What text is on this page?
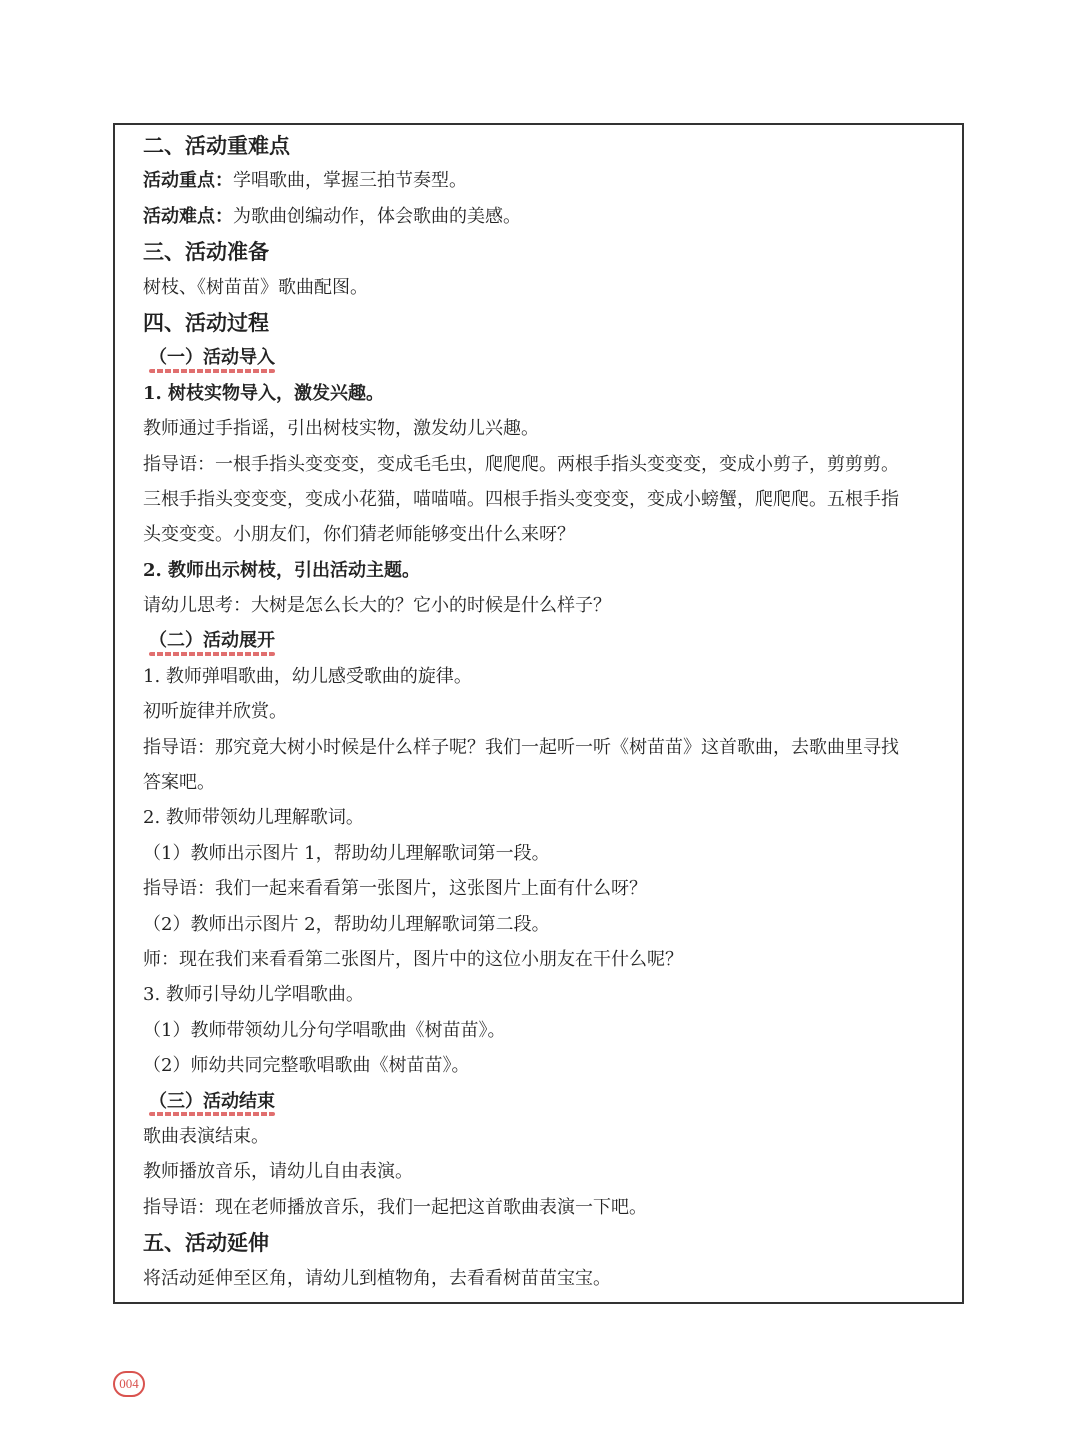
二、活动重难点
活动重点：学唱歌曲，掌握三拍节奏型。
活动难点：为歌曲创编动作，体会歌曲的美感。
三、活动准备
树枝、《树苗苗》歌曲配图。
四、活动过程
（一）活动导入
1. 树枝实物导入，激发兴趣。
教师通过手指谣，引出树枝实物，激发幼儿兴趣。
指导语：一根手指头变变变，变成毛毛虫，爬爬爬。两根手指头变变变，变成小剪子，剪剪剪。
三根手指头变变变，变成小花猫，喵喵喵。四根手指头变变变，变成小螃蟹，爬爬爬。五根手指
头变变变。小朋友们，你们猜老师能够变出什么来呀？
2. 教师出示树枝，引出活动主题。
请幼儿思考：大树是怎么长大的？它小的时候是什么样子？
（二）活动展开
1. 教师弹唱歌曲，幼儿感受歌曲的旋律。
初听旋律并欣赏。
指导语：那究竟大树小时候是什么样子呢？我们一起听一听《树苗苗》这首歌曲，去歌曲里寻找
答案吧。
2. 教师带领幼儿理解歌词。
（1）教师出示图片 1，帮助幼儿理解歌词第一段。
指导语：我们一起来看看第一张图片，这张图片上面有什么呀？
（2）教师出示图片 2，帮助幼儿理解歌词第二段。
师：现在我们来看看第二张图片，图片中的这位小朋友在干什么呢？
3. 教师引导幼儿学唱歌曲。
（1）教师带领幼儿分句学唱歌曲《树苗苗》。
（2）师幼共同完整歌唱歌曲《树苗苗》。
（三）活动结束
歌曲表演结束。
教师播放音乐，请幼儿自由表演。
指导语：现在老师播放音乐，我们一起把这首歌曲表演一下吧。
五、活动延伸
将活动延伸至区角，请幼儿到植物角，去看看树苗苗宝宝。
004
